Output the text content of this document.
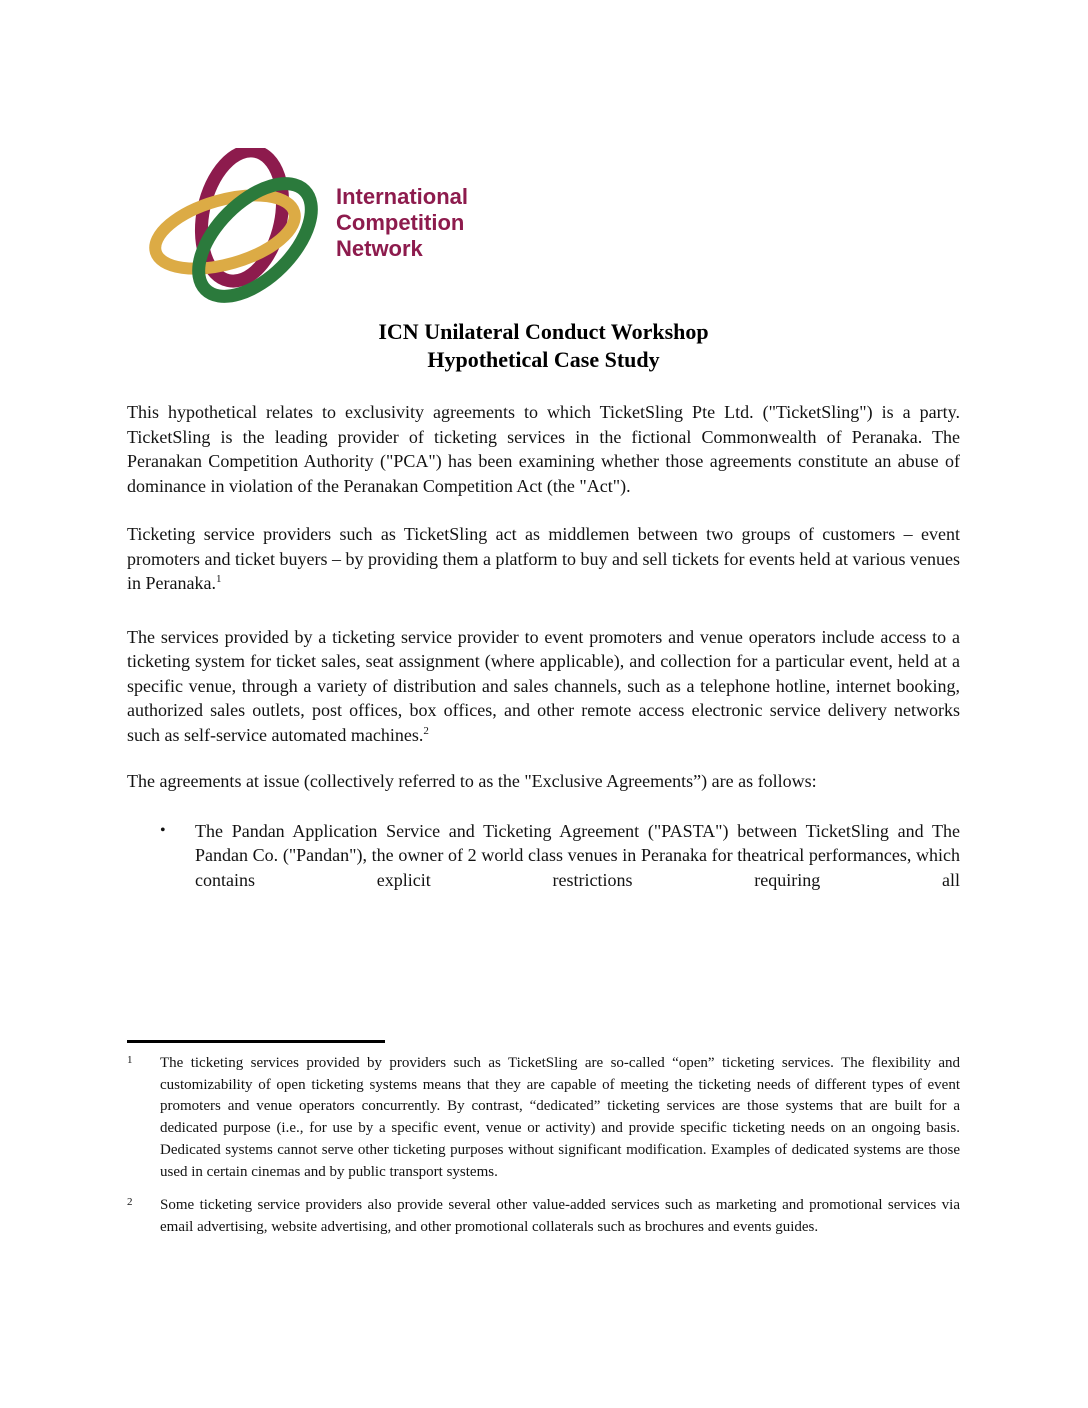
International
Competition
Network
ICN Unilateral Conduct Workshop
Hypothetical Case Study

This hypothetical relates to exclusivity agreements to which TicketSling Pte Ltd. ("TicketSling") is a party. TicketSling is the leading provider of ticketing services in the fictional Commonwealth of Peranaka. The Peranakan Competition Authority ("PCA") has been examining whether those agreements constitute an abuse of dominance in violation of the Peranakan Competition Act (the "Act").

Ticketing service providers such as TicketSling act as middlemen between two groups of customers – event promoters and ticket buyers – by providing them a platform to buy and sell tickets for events held at various venues in Peranaka.$^1$

The services provided by a ticketing service provider to event promoters and venue operators include access to a ticketing system for ticket sales, seat assignment (where applicable), and collection for a particular event, held at a specific venue, through a variety of distribution and sales channels, such as a telephone hotline, internet booking, authorized sales outlets, post offices, box offices, and other remote access electronic service delivery networks such as self-service automated machines.$^2$

The agreements at issue (collectively referred to as the "Exclusive Agreements”) are as follows:

•	The Pandan Application Service and Ticketing Agreement ("PASTA") between TicketSling and The Pandan Co. ("Pandan"), the owner of 2 world class venues in Peranaka for theatrical performances, which contains explicit restrictions requiring all

1	The ticketing services provided by providers such as TicketSling are so-called “open” ticketing services. The flexibility and customizability of open ticketing systems means that they are capable of meeting the ticketing needs of different types of event promoters and venue operators concurrently. By contrast, “dedicated” ticketing services are those systems that are built for a dedicated purpose (i.e., for use by a specific event, venue or activity) and provide specific ticketing needs on an ongoing basis. Dedicated systems cannot serve other ticketing purposes without significant modification. Examples of dedicated systems are those used in certain cinemas and by public transport systems.

2	Some ticketing service providers also provide several other value-added services such as marketing and promotional services via email advertising, website advertising, and other promotional collaterals such as brochures and events guides.
